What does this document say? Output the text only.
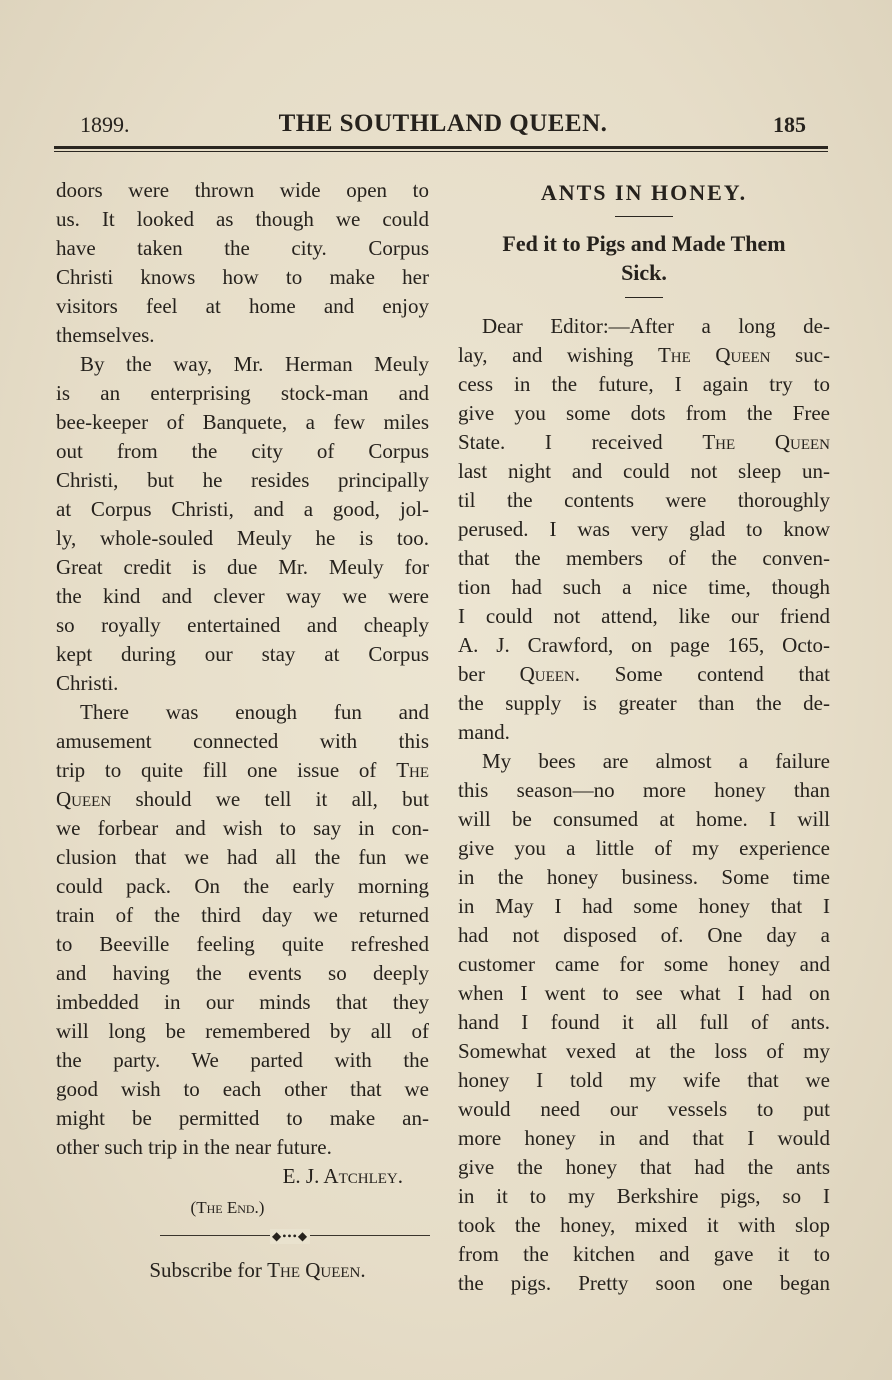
1899.	THE SOUTHLAND QUEEN.	185
doors were thrown wide open to
us. It looked as though we could
have taken the city. Corpus
Christi knows how to make her
visitors feel at home and enjoy
themselves.
By the way, Mr. Herman Meuly
is an enterprising stock-man and
bee-keeper of Banquete, a few miles
out from the city of Corpus
Christi, but he resides principally
at Corpus Christi, and a good, jol-
ly, whole-souled Meuly he is too.
Great credit is due Mr. Meuly for
the kind and clever way we were
so royally entertained and cheaply
kept during our stay at Corpus
Christi.
There was enough fun and
amusement connected with this
trip to quite fill one issue of The
Queen should we tell it all, but
we forbear and wish to say in con-
clusion that we had all the fun we
could pack. On the early morning
train of the third day we returned
to Beeville feeling quite refreshed
and having the events so deeply
imbedded in our minds that they
will long be remembered by all of
the party. We parted with the
good wish to each other that we
might be permitted to make an-
other such trip in the near future.
E. J. Atchley.
(The End.)
◆•••◆
Subscribe for The Queen.
ANTS IN HONEY.
Fed it to Pigs and Made Them
Sick.
Dear Editor:—After a long de-
lay, and wishing The Queen suc-
cess in the future, I again try to
give you some dots from the Free
State. I received The Queen
last night and could not sleep un-
til the contents were thoroughly
perused. I was very glad to know
that the members of the conven-
tion had such a nice time, though
I could not attend, like our friend
A. J. Crawford, on page 165, Octo-
ber Queen. Some contend that
the supply is greater than the de-
mand.
My bees are almost a failure
this season—no more honey than
will be consumed at home. I will
give you a little of my experience
in the honey business. Some time
in May I had some honey that I
had not disposed of. One day a
customer came for some honey and
when I went to see what I had on
hand I found it all full of ants.
Somewhat vexed at the loss of my
honey I told my wife that we
would need our vessels to put
more honey in and that I would
give the honey that had the ants
in it to my Berkshire pigs, so I
took the honey, mixed it with slop
from the kitchen and gave it to
the pigs. Pretty soon one began
